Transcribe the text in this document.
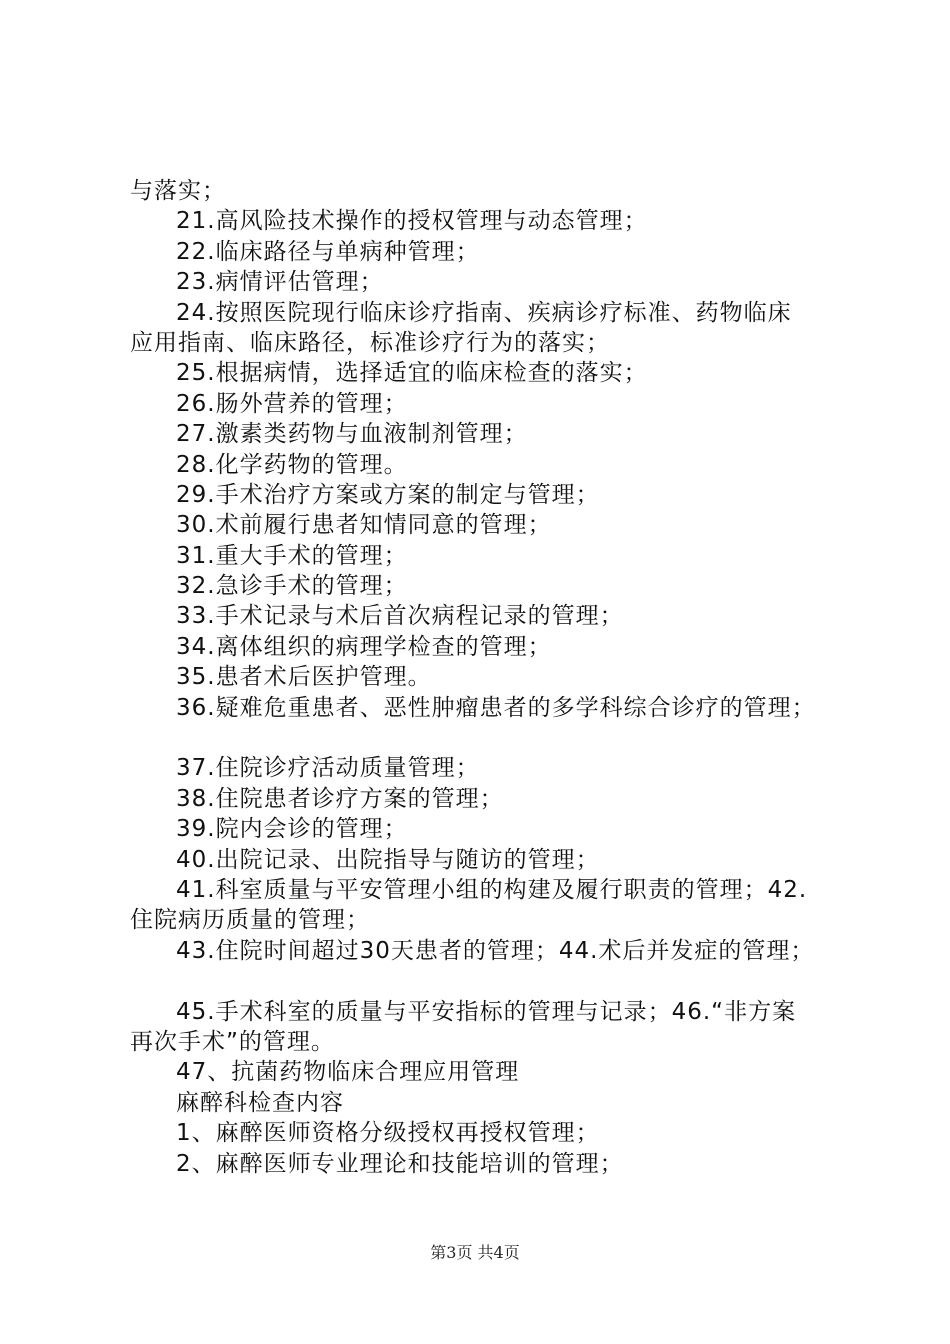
与落实；
21.高风险技术操作的授权管理与动态管理；
22.临床路径与单病种管理；
23.病情评估管理；
24.按照医院现行临床诊疗指南、疾病诊疗标准、药物临床
应用指南、临床路径，标准诊疗行为的落实；
25.根据病情，选择适宜的临床检查的落实；
26.肠外营养的管理；
27.激素类药物与血液制剂管理；
28.化学药物的管理。
29.手术治疗方案或方案的制定与管理；
30.术前履行患者知情同意的管理；
31.重大手术的管理；
32.急诊手术的管理；
33.手术记录与术后首次病程记录的管理；
34.离体组织的病理学检查的管理；
35.患者术后医护管理。
36.疑难危重患者、恶性肿瘤患者的多学科综合诊疗的管理；
37.住院诊疗活动质量管理；
38.住院患者诊疗方案的管理；
39.院内会诊的管理；
40.出院记录、出院指导与随访的管理；
41.科室质量与平安管理小组的构建及履行职责的管理；42.
住院病历质量的管理；
43.住院时间超过30天患者的管理；44.术后并发症的管理；
45.手术科室的质量与平安指标的管理与记录；46.“非方案
再次手术”的管理。
47、抗菌药物临床合理应用管理
麻醉科检查内容
1、麻醉医师资格分级授权再授权管理；
2、麻醉医师专业理论和技能培训的管理；
第3页 共4页
